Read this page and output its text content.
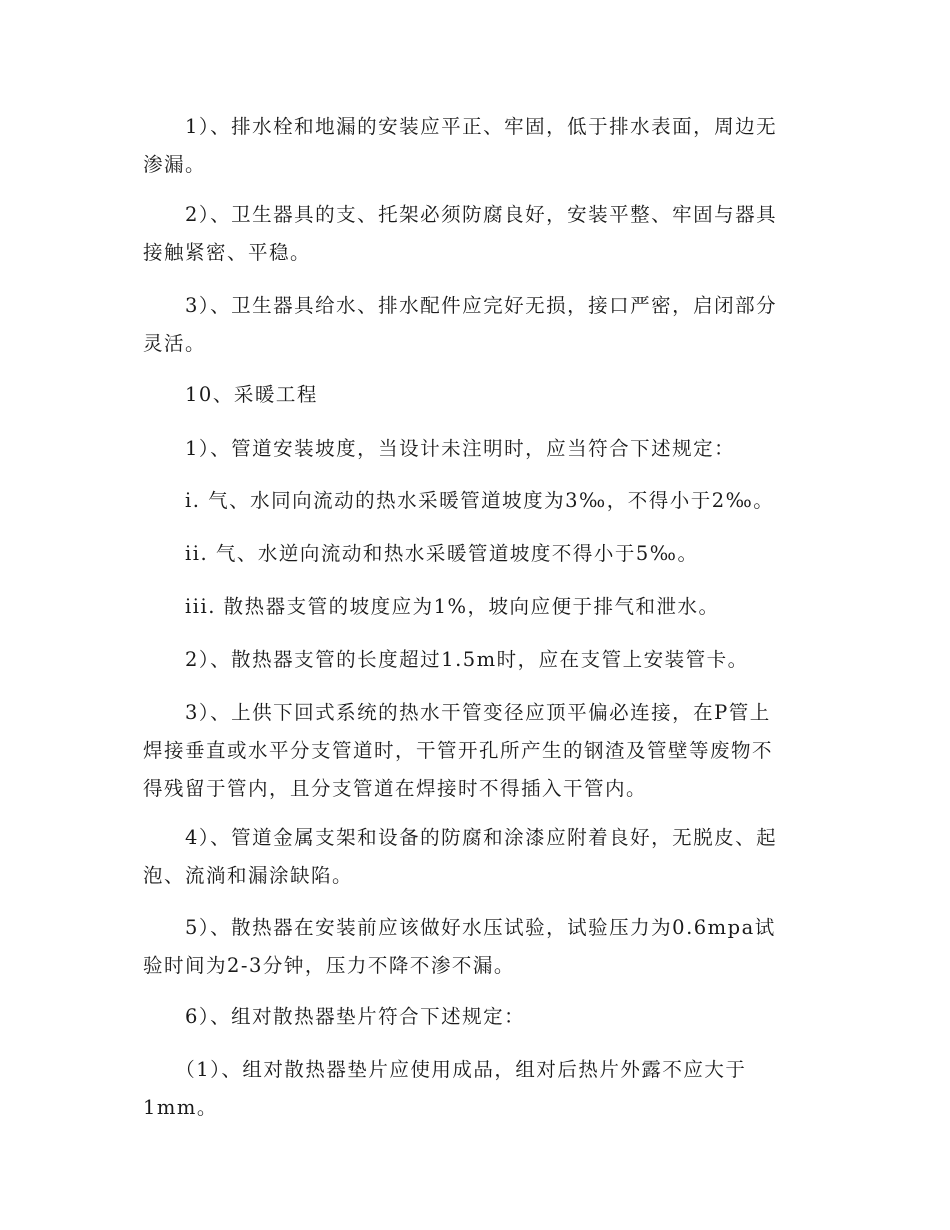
　　1）、排水栓和地漏的安装应平正、牢固，低于排水表面，周边无
渗漏。
　　2）、卫生器具的支、托架必须防腐良好，安装平整、牢固与器具
接触紧密、平稳。
　　3）、卫生器具给水、排水配件应完好无损，接口严密，启闭部分
灵活。
　　10、采暖工程
　　1）、管道安装坡度，当设计未注明时，应当符合下述规定：
　　i. 气、水同向流动的热水采暖管道坡度为3‰，不得小于2‰。
　　ii. 气、水逆向流动和热水采暖管道坡度不得小于5‰。
　　iii. 散热器支管的坡度应为1%，坡向应便于排气和泄水。
　　2）、散热器支管的长度超过1.5m时，应在支管上安装管卡。
　　3）、上供下回式系统的热水干管变径应顶平偏必连接，在P管上
焊接垂直或水平分支管道时，干管开孔所产生的钢渣及管壁等废物不
得残留于管内，且分支管道在焊接时不得插入干管内。
　　4）、管道金属支架和设备的防腐和涂漆应附着良好，无脱皮、起
泡、流淌和漏涂缺陷。
　　5）、散热器在安装前应该做好水压试验，试验压力为0.6mpa试
验时间为2-3分钟，压力不降不渗不漏。
　　6）、组对散热器垫片符合下述规定：
　　（1）、组对散热器垫片应使用成品，组对后热片外露不应大于
1mm。
